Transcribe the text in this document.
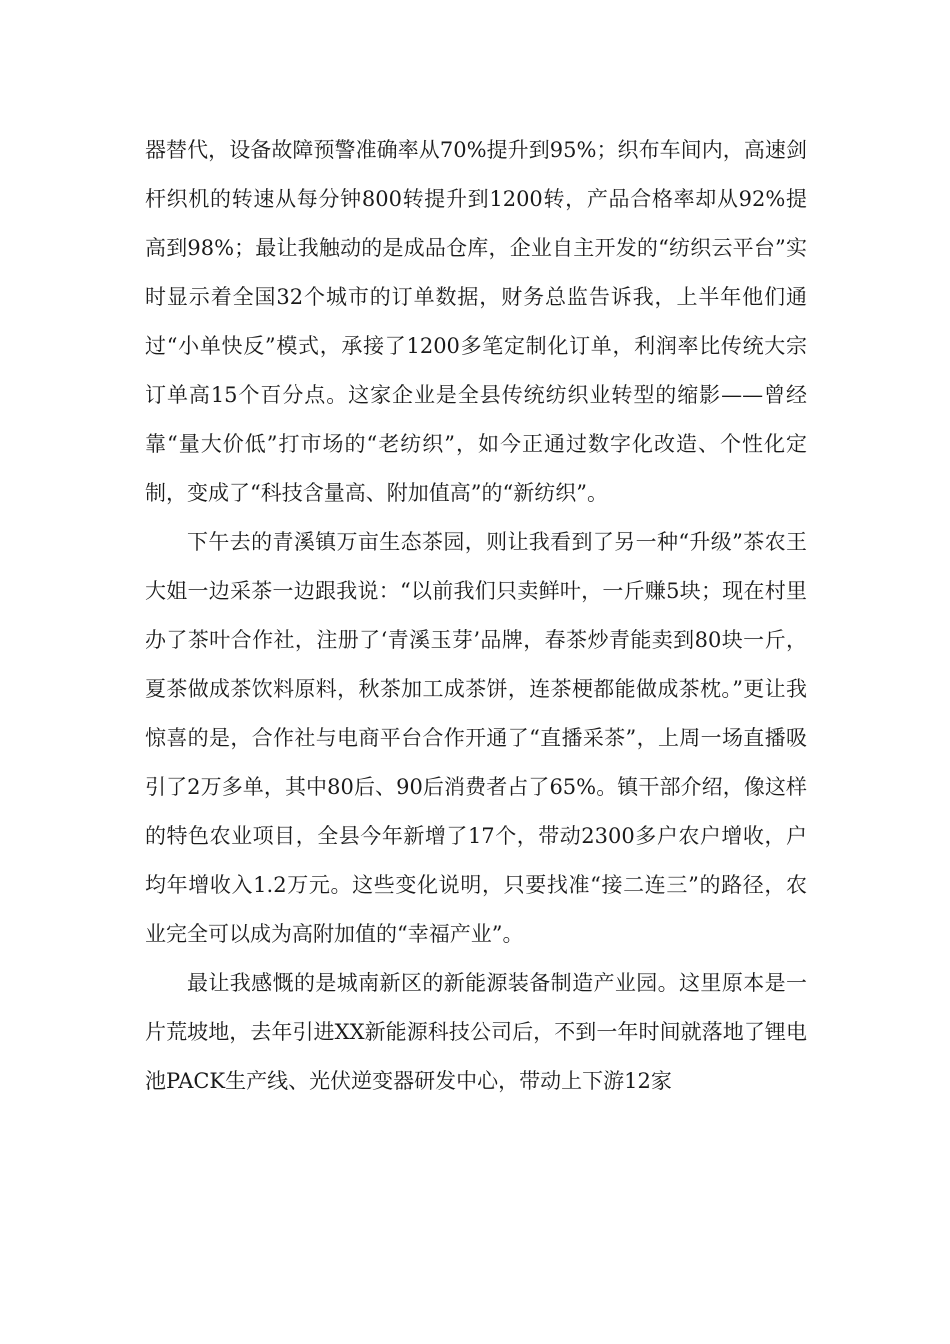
器替代，设备故障预警准确率从70%提升到95%；织布车间内，高速剑杆织机的转速从每分钟800转提升到1200转，产品合格率却从92%提高到98%；最让我触动的是成品仓库，企业自主开发的“纺织云平台”实时显示着全国32个城市的订单数据，财务总监告诉我，上半年他们通过“小单快反”模式，承接了1200多笔定制化订单，利润率比传统大宗订单高15个百分点。这家企业是全县传统纺织业转型的缩影——曾经靠“量大价低”打市场的“老纺织”，如今正通过数字化改造、个性化定制，变成了“科技含量高、附加值高”的“新纺织”。

下午去的青溪镇万亩生态茶园，则让我看到了另一种“升级”茶农王大姐一边采茶一边跟我说：“以前我们只卖鲜叶，一斤赚5块；现在村里办了茶叶合作社，注册了‘青溪玉芽’品牌，春茶炒青能卖到80块一斤，夏茶做成茶饮料原料，秋茶加工成茶饼，连茶梗都能做成茶枕。”更让我惊喜的是，合作社与电商平台合作开通了“直播采茶”，上周一场直播吸引了2万多单，其中80后、90后消费者占了65%。镇干部介绍，像这样的特色农业项目，全县今年新增了17个，带动2300多户农户增收，户均年增收入1.2万元。这些变化说明，只要找准“接二连三”的路径，农业完全可以成为高附加值的“幸福产业”。

最让我感慨的是城南新区的新能源装备制造产业园。这里原本是一片荒坡地，去年引进XX新能源科技公司后，不到一年时间就落地了锂电池PACK生产线、光伏逆变器研发中心，带动上下游12家
